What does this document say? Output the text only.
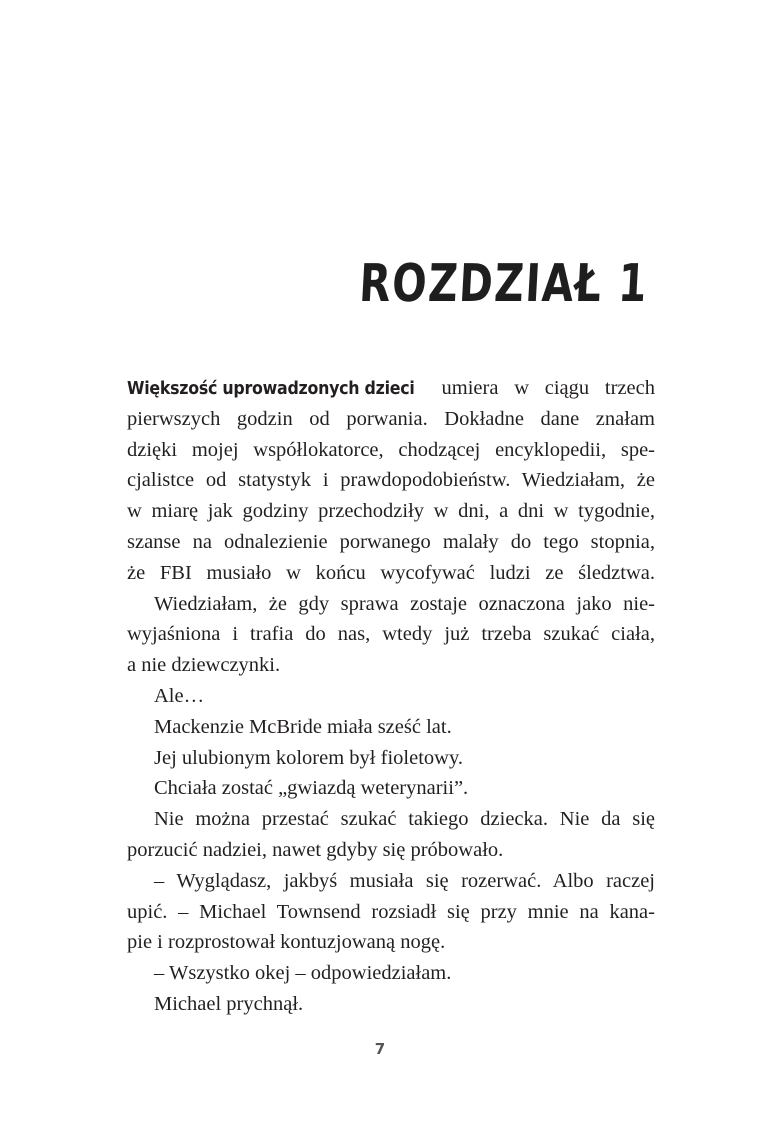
ROZDZIAŁ 1
Większość uprowadzonych dzieci umiera w ciągu trzech
pierwszych godzin od porwania. Dokładne dane znałam
dzięki mojej współlokatorce, chodzącej encyklopedii, spe-
cjalistce od statystyk i prawdopodobieństw. Wiedziałam, że
w miarę jak godziny przechodziły w dni, a dni w tygodnie,
szanse na odnalezienie porwanego malały do tego stopnia,
że FBI musiało w końcu wycofywać ludzi ze śledztwa.
Wiedziałam, że gdy sprawa zostaje oznaczona jako nie-
wyjaśniona i trafia do nas, wtedy już trzeba szukać ciała,
a nie dziewczynki.
Ale…
Mackenzie McBride miała sześć lat.
Jej ulubionym kolorem był fioletowy.
Chciała zostać „gwiazdą weterynarii”.
Nie można przestać szukać takiego dziecka. Nie da się
porzucić nadziei, nawet gdyby się próbowało.
– Wyglądasz, jakbyś musiała się rozerwać. Albo raczej
upić. – Michael Townsend rozsiadł się przy mnie na kana-
pie i rozprostował kontuzjowaną nogę.
– Wszystko okej – odpowiedziałam.
Michael prychnął.
7
